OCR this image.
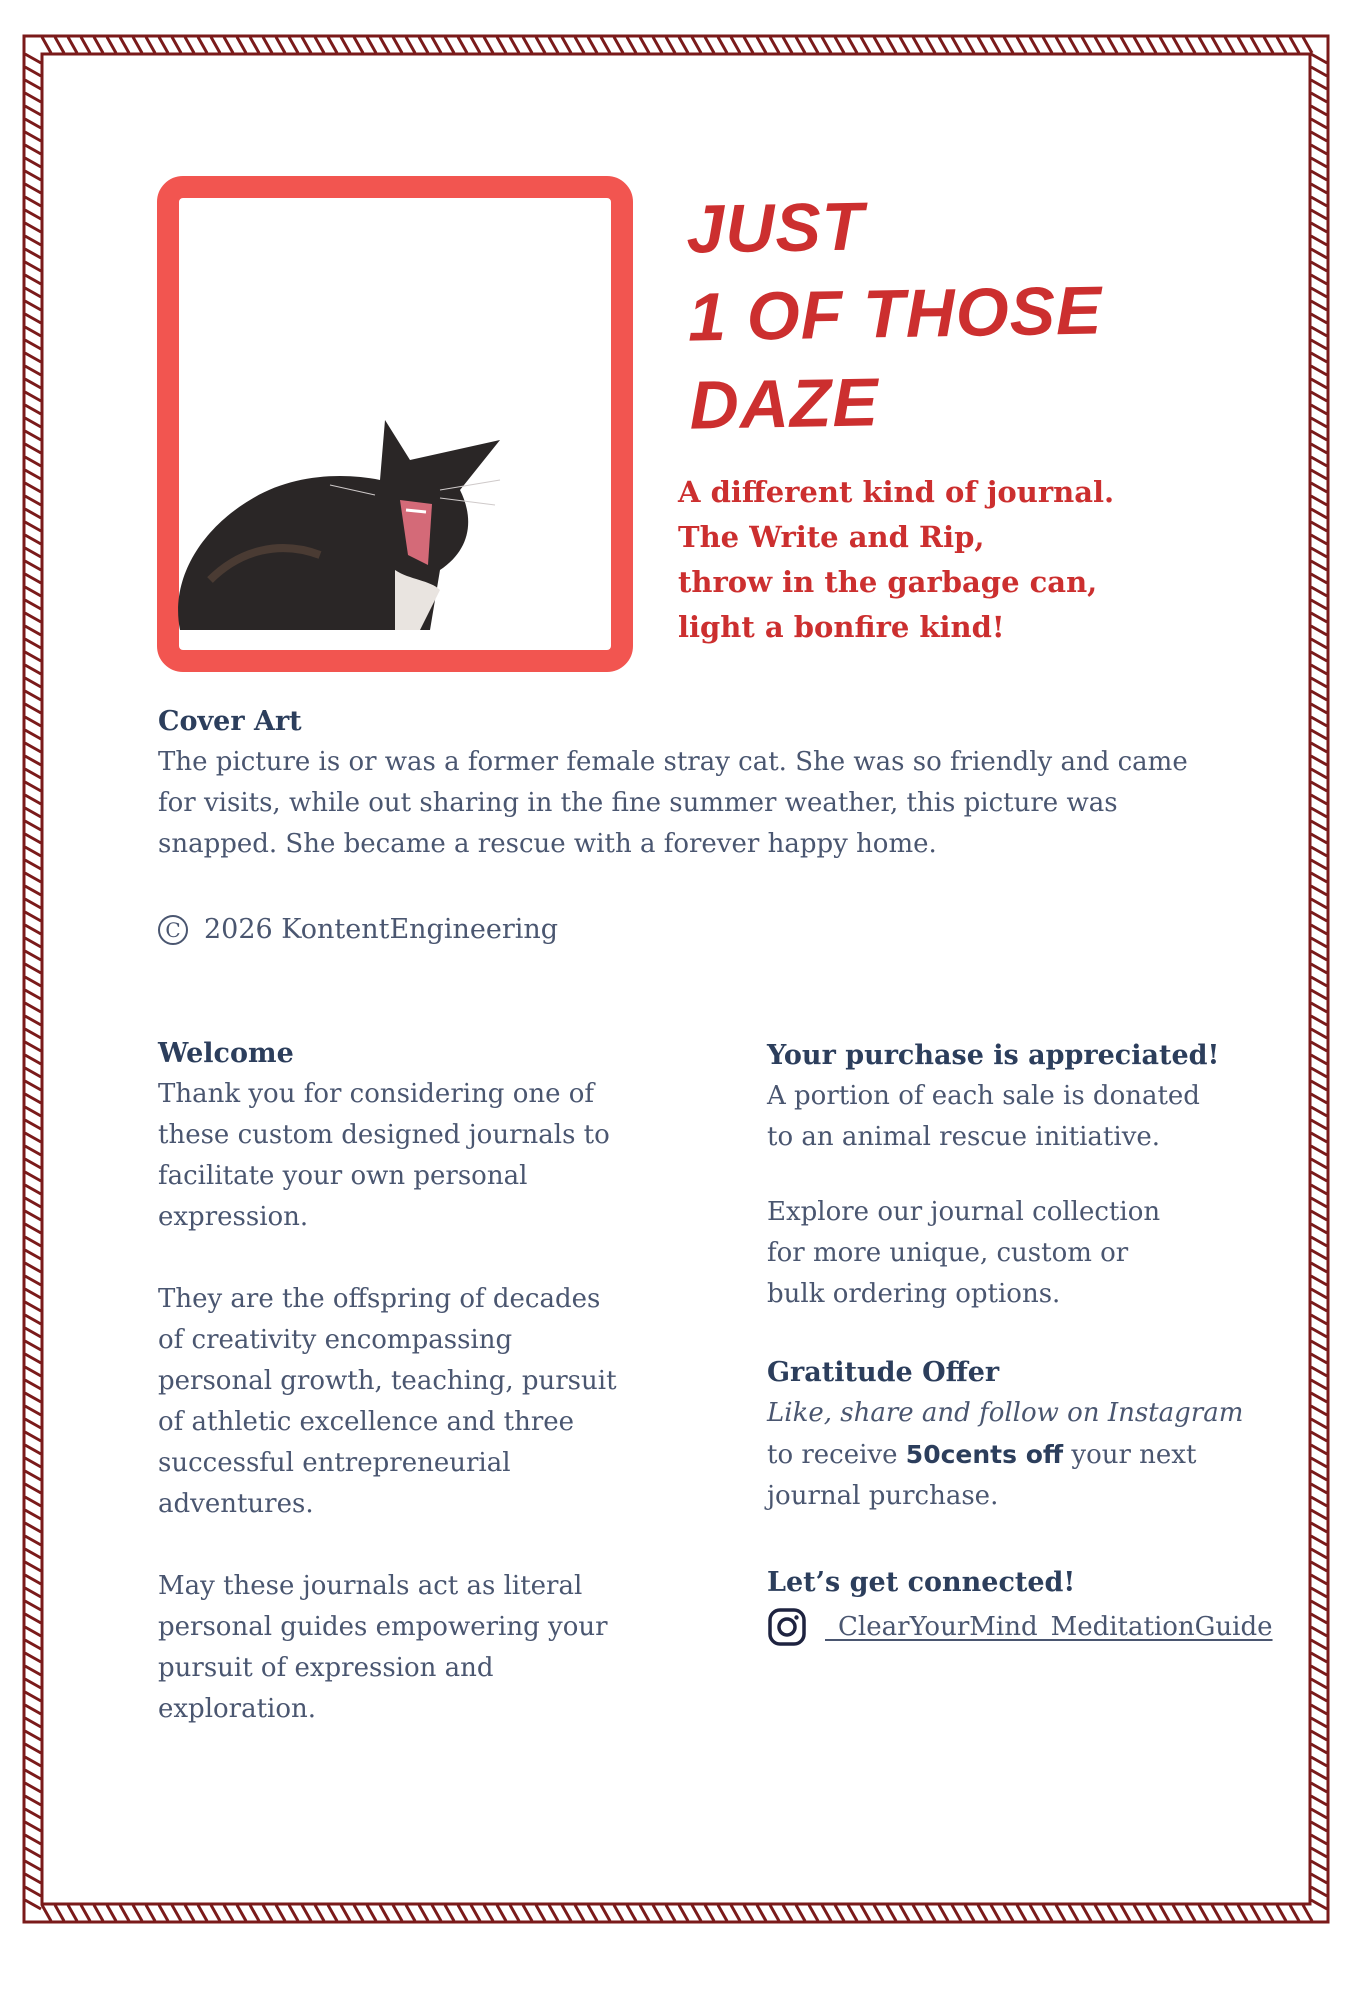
JUST
1 OF THOSE
DAZE
A different kind of journal.
The Write and Rip,
throw in the garbage can,
light a bonfire kind!
Cover Art
The picture is or was a former female stray cat. She was so friendly and came
for visits, while out sharing in the fine summer weather, this picture was
snapped. She became a rescue with a forever happy home.
C 2026 KontentEngineering
Welcome
Thank you for considering one of
these custom designed journals to
facilitate your own personal
expression.
They are the offspring of decades
of creativity encompassing
personal growth, teaching, pursuit
of athletic excellence and three
successful entrepreneurial
adventures.
May these journals act as literal
personal guides empowering your
pursuit of expression and
exploration.
Your purchase is appreciated!
A portion of each sale is donated
to an animal rescue initiative.
Explore our journal collection
for more unique, custom or
bulk ordering options.
Gratitude Offer
Like, share and follow on Instagram
to receive 50cents off your next
journal purchase.
Let’s get connected!
_ClearYourMind_MeditationGuide
